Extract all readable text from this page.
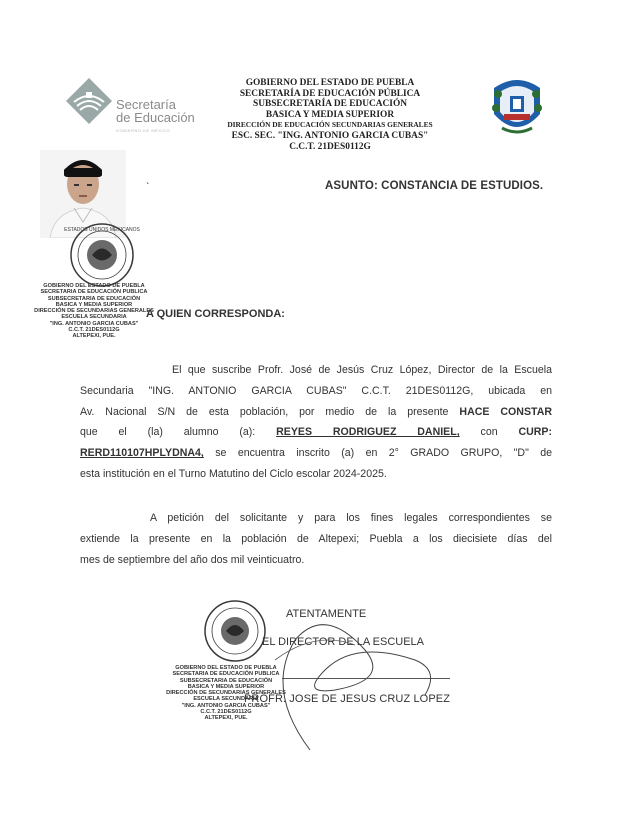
Secretaría
de Educación
GOBIERNO DE MÉXICO
GOBIERNO DEL ESTADO DE PUEBLA
SECRETARÍA DE EDUCACIÓN PÚBLICA
SUBSECRETARÍA DE EDUCACIÓN
BASICA Y MEDIA SUPERIOR
DIRECCIÓN DE EDUCACIÓN SECUNDARIAS GENERALES
ESC. SEC. "ING. ANTONIO GARCIA CUBAS"
C.C.T. 21DES0112G
`	ASUNTO: CONSTANCIA DE ESTUDIOS.
ESTADOS UNIDOS MEXICANOS
GOBIERNO DEL ESTADO DE PUEBLA
SECRETARIA DE EDUCACIÓN PUBLICA
SUBSECRETARIA DE EDUCACIÓN
BASICA Y MEDIA SUPERIOR
DIRECCIÓN DE SECUNDARIAS GENERALES
ESCUELA SECUNDARIA
"ING. ANTONIO GARCIA CUBAS"
C.C.T. 21DES0112G
ALTEPEXI, PUE.
A QUIEN CORRESPONDA:
El que suscribe Profr. José de Jesús Cruz López, Director de la Escuela
Secundaria "ING. ANTONIO GARCIA CUBAS" C.C.T. 21DES0112G, ubicada en
Av. Nacional S/N de esta población, por medio de la presente HACE CONSTAR
que el (la) alumno (a): REYES RODRIGUEZ DANIEL, con CURP:
RERD110107HPLYDNA4, se encuentra inscrito (a) en 2° GRADO GRUPO, "D" de
esta institución en el Turno Matutino del Ciclo escolar 2024-2025.
A petición del solicitante y para los fines legales correspondientes se
extiende la presente en la población de Altepexi; Puebla a los diecisiete días del
mes de septiembre del año dos mil veinticuatro.
GOBIERNO DEL ESTADO DE PUEBLA
SECRETARIA DE EDUCACIÓN PUBLICA
SUBSECRETARIA DE EDUCACIÓN
BASICA Y MEDIA SUPERIOR
DIRECCIÓN DE SECUNDARIAS GENERALES
ESCUELA SECUNDARIA
"ING. ANTONIO GARCIA CUBAS"
C.C.T. 21DES0112G
ALTEPEXI, PUE.
ATENTAMENTE
EL DIRECTOR DE LA ESCUELA
PROFR. JOSE DE JESUS CRUZ LOPEZ
